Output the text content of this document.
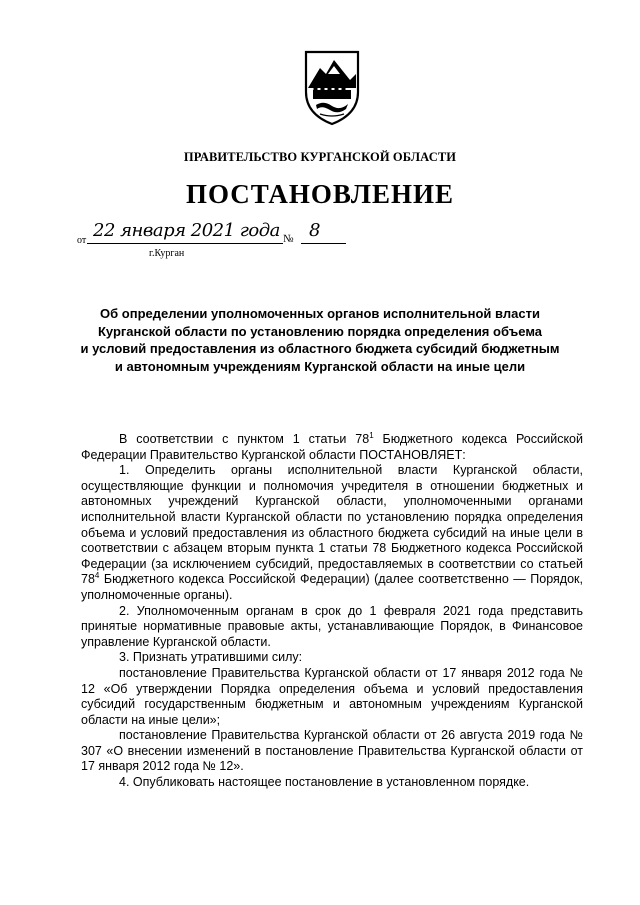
ПРАВИТЕЛЬСТВО КУРГАНСКОЙ ОБЛАСТИ
ПОСТАНОВЛЕНИЕ
от 22 января 2021 года № 8
г.Курган
Об определении уполномоченных органов исполнительной власти
Курганской области по установлению порядка определения объема
и условий предоставления из областного бюджета субсидий бюджетным
и автономным учреждениям Курганской области на иные цели

В соответствии с пунктом 1 статьи $78^1$ Бюджетного кодекса Российской Федерации Правительство Курганской области ПОСТАНОВЛЯЕТ:

1. Определить органы исполнительной власти Курганской области, осуществляющие функции и полномочия учредителя в отношении бюджетных и автономных учреждений Курганской области, уполномоченными органами исполнительной власти Курганской области по установлению порядка определения объема и условий предоставления из областного бюджета субсидий на иные цели в соответствии с абзацем вторым пункта 1 статьи 78 Бюджетного кодекса Российской Федерации (за исключением субсидий, предоставляемых в соответствии со статьей $78^4$ Бюджетного кодекса Российской Федерации) (далее соответственно — Порядок, уполномоченные органы).

2. Уполномоченным органам в срок до 1 февраля 2021 года представить принятые нормативные правовые акты, устанавливающие Порядок, в Финансовое управление Курганской области.

3. Признать утратившими силу:

постановление Правительства Курганской области от 17 января 2012 года № 12 «Об утверждении Порядка определения объема и условий предоставления субсидий государственным бюджетным и автономным учреждениям Курганской области на иные цели»;

постановление Правительства Курганской области от 26 августа 2019 года № 307 «О внесении изменений в постановление Правительства Курганской области от 17 января 2012 года № 12».

4. Опубликовать настоящее постановление в установленном порядке.
